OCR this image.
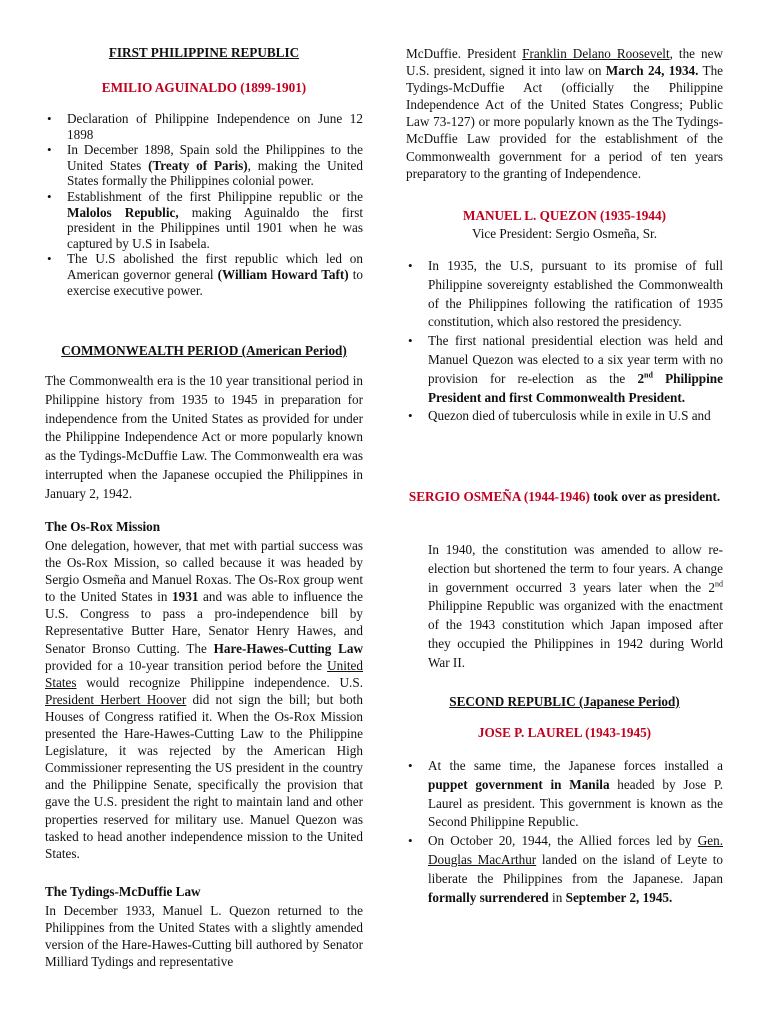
FIRST PHILIPPINE REPUBLIC
EMILIO AGUINALDO (1899-1901)
• Declaration of Philippine Independence on June 12 1898
• In December 1898, Spain sold the Philippines to the United States (Treaty of Paris), making the United States formally the Philippines colonial power.
• Establishment of the first Philippine republic or the Malolos Republic, making Aguinaldo the first president in the Philippines until 1901 when he was captured by U.S in Isabela.
• The U.S abolished the first republic which led on American governor general (William Howard Taft) to exercise executive power.
COMMONWEALTH PERIOD (American Period)

The Commonwealth era is the 10 year transitional period in Philippine history from 1935 to 1945 in preparation for independence from the United States as provided for under the Philippine Independence Act or more popularly known as the Tydings-McDuffie Law. The Commonwealth era was interrupted when the Japanese occupied the Philippines in January 2, 1942.

The Os-Rox Mission

One delegation, however, that met with partial success was the Os-Rox Mission, so called because it was headed by Sergio Osmeña and Manuel Roxas. The Os-Rox group went to the United States in 1931 and was able to influence the U.S. Congress to pass a pro-independence bill by Representative Butter Hare, Senator Henry Hawes, and Senator Bronso Cutting. The Hare-Hawes-Cutting Law provided for a 10-year transition period before the United States would recognize Philippine independence. U.S. President Herbert Hoover did not sign the bill; but both Houses of Congress ratified it. When the Os-Rox Mission presented the Hare-Hawes-Cutting Law to the Philippine Legislature, it was rejected by the American High Commissioner representing the US president in the country and the Philippine Senate, specifically the provision that gave the U.S. president the right to maintain land and other properties reserved for military use. Manuel Quezon was tasked to head another independence mission to the United States.

The Tydings-McDuffie Law

In December 1933, Manuel L. Quezon returned to the Philippines from the United States with a slightly amended version of the Hare-Hawes-Cutting bill authored by Senator Milliard Tydings and representative

McDuffie. President Franklin Delano Roosevelt, the new U.S. president, signed it into law on March 24, 1934. The Tydings-McDuffie Act (officially the Philippine Independence Act of the United States Congress; Public Law 73-127) or more popularly known as the The Tydings-McDuffie Law provided for the establishment of the Commonwealth government for a period of ten years preparatory to the granting of Independence.

MANUEL L. QUEZON (1935-1944)
Vice President: Sergio Osmeña, Sr.
• In 1935, the U.S, pursuant to its promise of full Philippine sovereignty established the Commonwealth of the Philippines following the ratification of 1935 constitution, which also restored the presidency.
• The first national presidential election was held and Manuel Quezon was elected to a six year term with no provision for re-election as the 2nd Philippine President and first Commonwealth President.
• Quezon died of tuberculosis while in exile in U.S and
SERGIO OSMEÑA (1944-1946) took over as president.

In 1940, the constitution was amended to allow re-election but shortened the term to four years. A change in government occurred 3 years later when the 2nd Philippine Republic was organized with the enactment of the 1943 constitution which Japan imposed after they occupied the Philippines in 1942 during World War II.

SECOND REPUBLIC (Japanese Period)
JOSE P. LAUREL (1943-1945)
• At the same time, the Japanese forces installed a puppet government in Manila headed by Jose P. Laurel as president. This government is known as the Second Philippine Republic.
• On October 20, 1944, the Allied forces led by Gen. Douglas MacArthur landed on the island of Leyte to liberate the Philippines from the Japanese. Japan formally surrendered in September 2, 1945.
